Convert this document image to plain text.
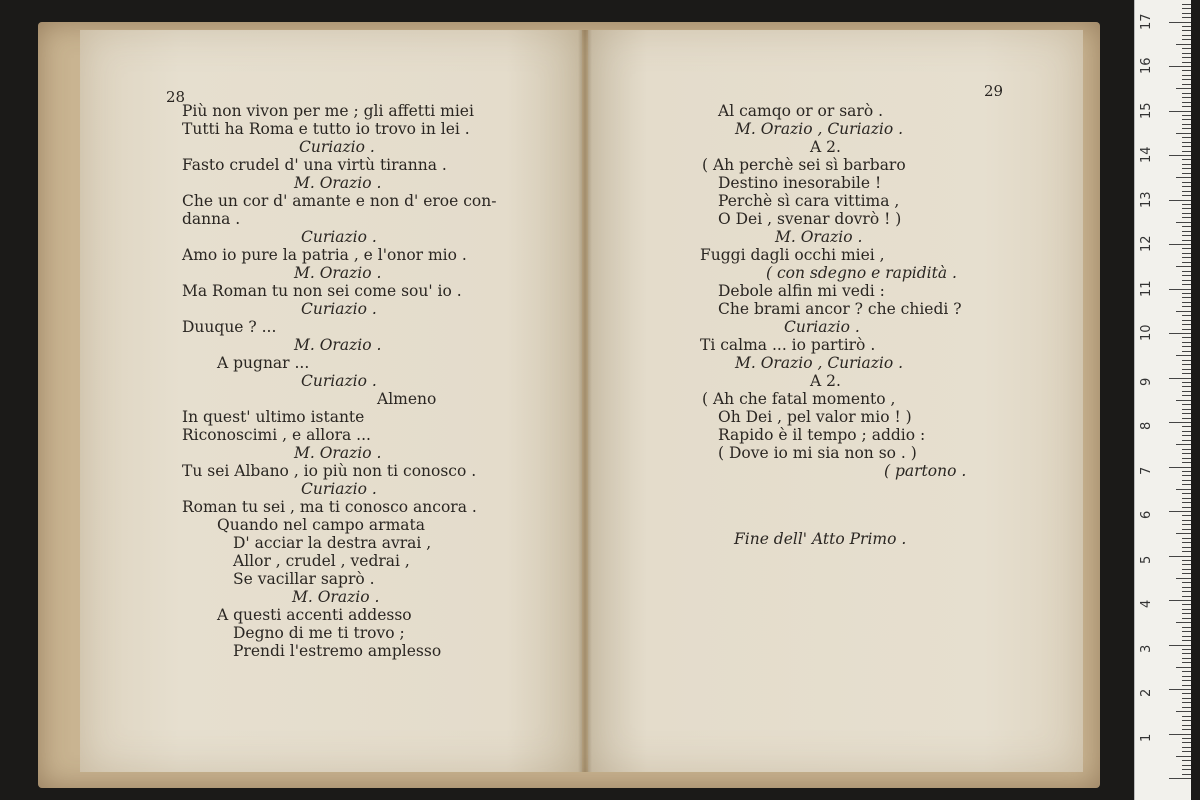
28
Più non vivon per me ; gli affetti miei
Tutti ha Roma e tutto io trovo in lei .
Curiazio .
Fasto crudel d' una virtù tiranna .
M. Orazio .
Che un cor d' amante e non d' eroe con-
danna .
Curiazio .
Amo io pure la patria , e l'onor mio .
M. Orazio .
Ma Roman tu non sei come sou' io .
Curiazio .
Duuque ? ...
M. Orazio .
A pugnar ...
Curiazio .
Almeno
In quest' ultimo istante
Riconoscimi , e allora ...
M. Orazio .
Tu sei Albano , io più non ti conosco .
Curiazio .
Roman tu sei , ma ti conosco ancora .
Quando nel campo armata
D' acciar la destra avrai ,
Allor , crudel , vedrai ,
Se vacillar saprò .
M. Orazio .
A questi accenti addesso
Degno di me ti trovo ;
Prendi l'estremo amplesso
29
Al camqo or or sarò .
M. Orazio , Curiazio .
A 2.
( Ah perchè sei sì barbaro
Destino inesorabile !
Perchè sì cara vittima ,
O Dei , svenar dovrò ! )
M. Orazio .
Fuggi dagli occhi miei ,
( con sdegno e rapidità .
Debole alfin mi vedi :
Che brami ancor ? che chiedi ?
Curiazio .
Ti calma ... io partirò .
M. Orazio , Curiazio .
A 2.
( Ah che fatal momento ,
Oh Dei , pel valor mio ! )
Rapido è il tempo ; addio :
( Dove io mi sia non so . )
( partono .
Fine dell' Atto Primo .
1
2
3
4
5
6
7
8
9
10
11
12
13
14
15
16
17
